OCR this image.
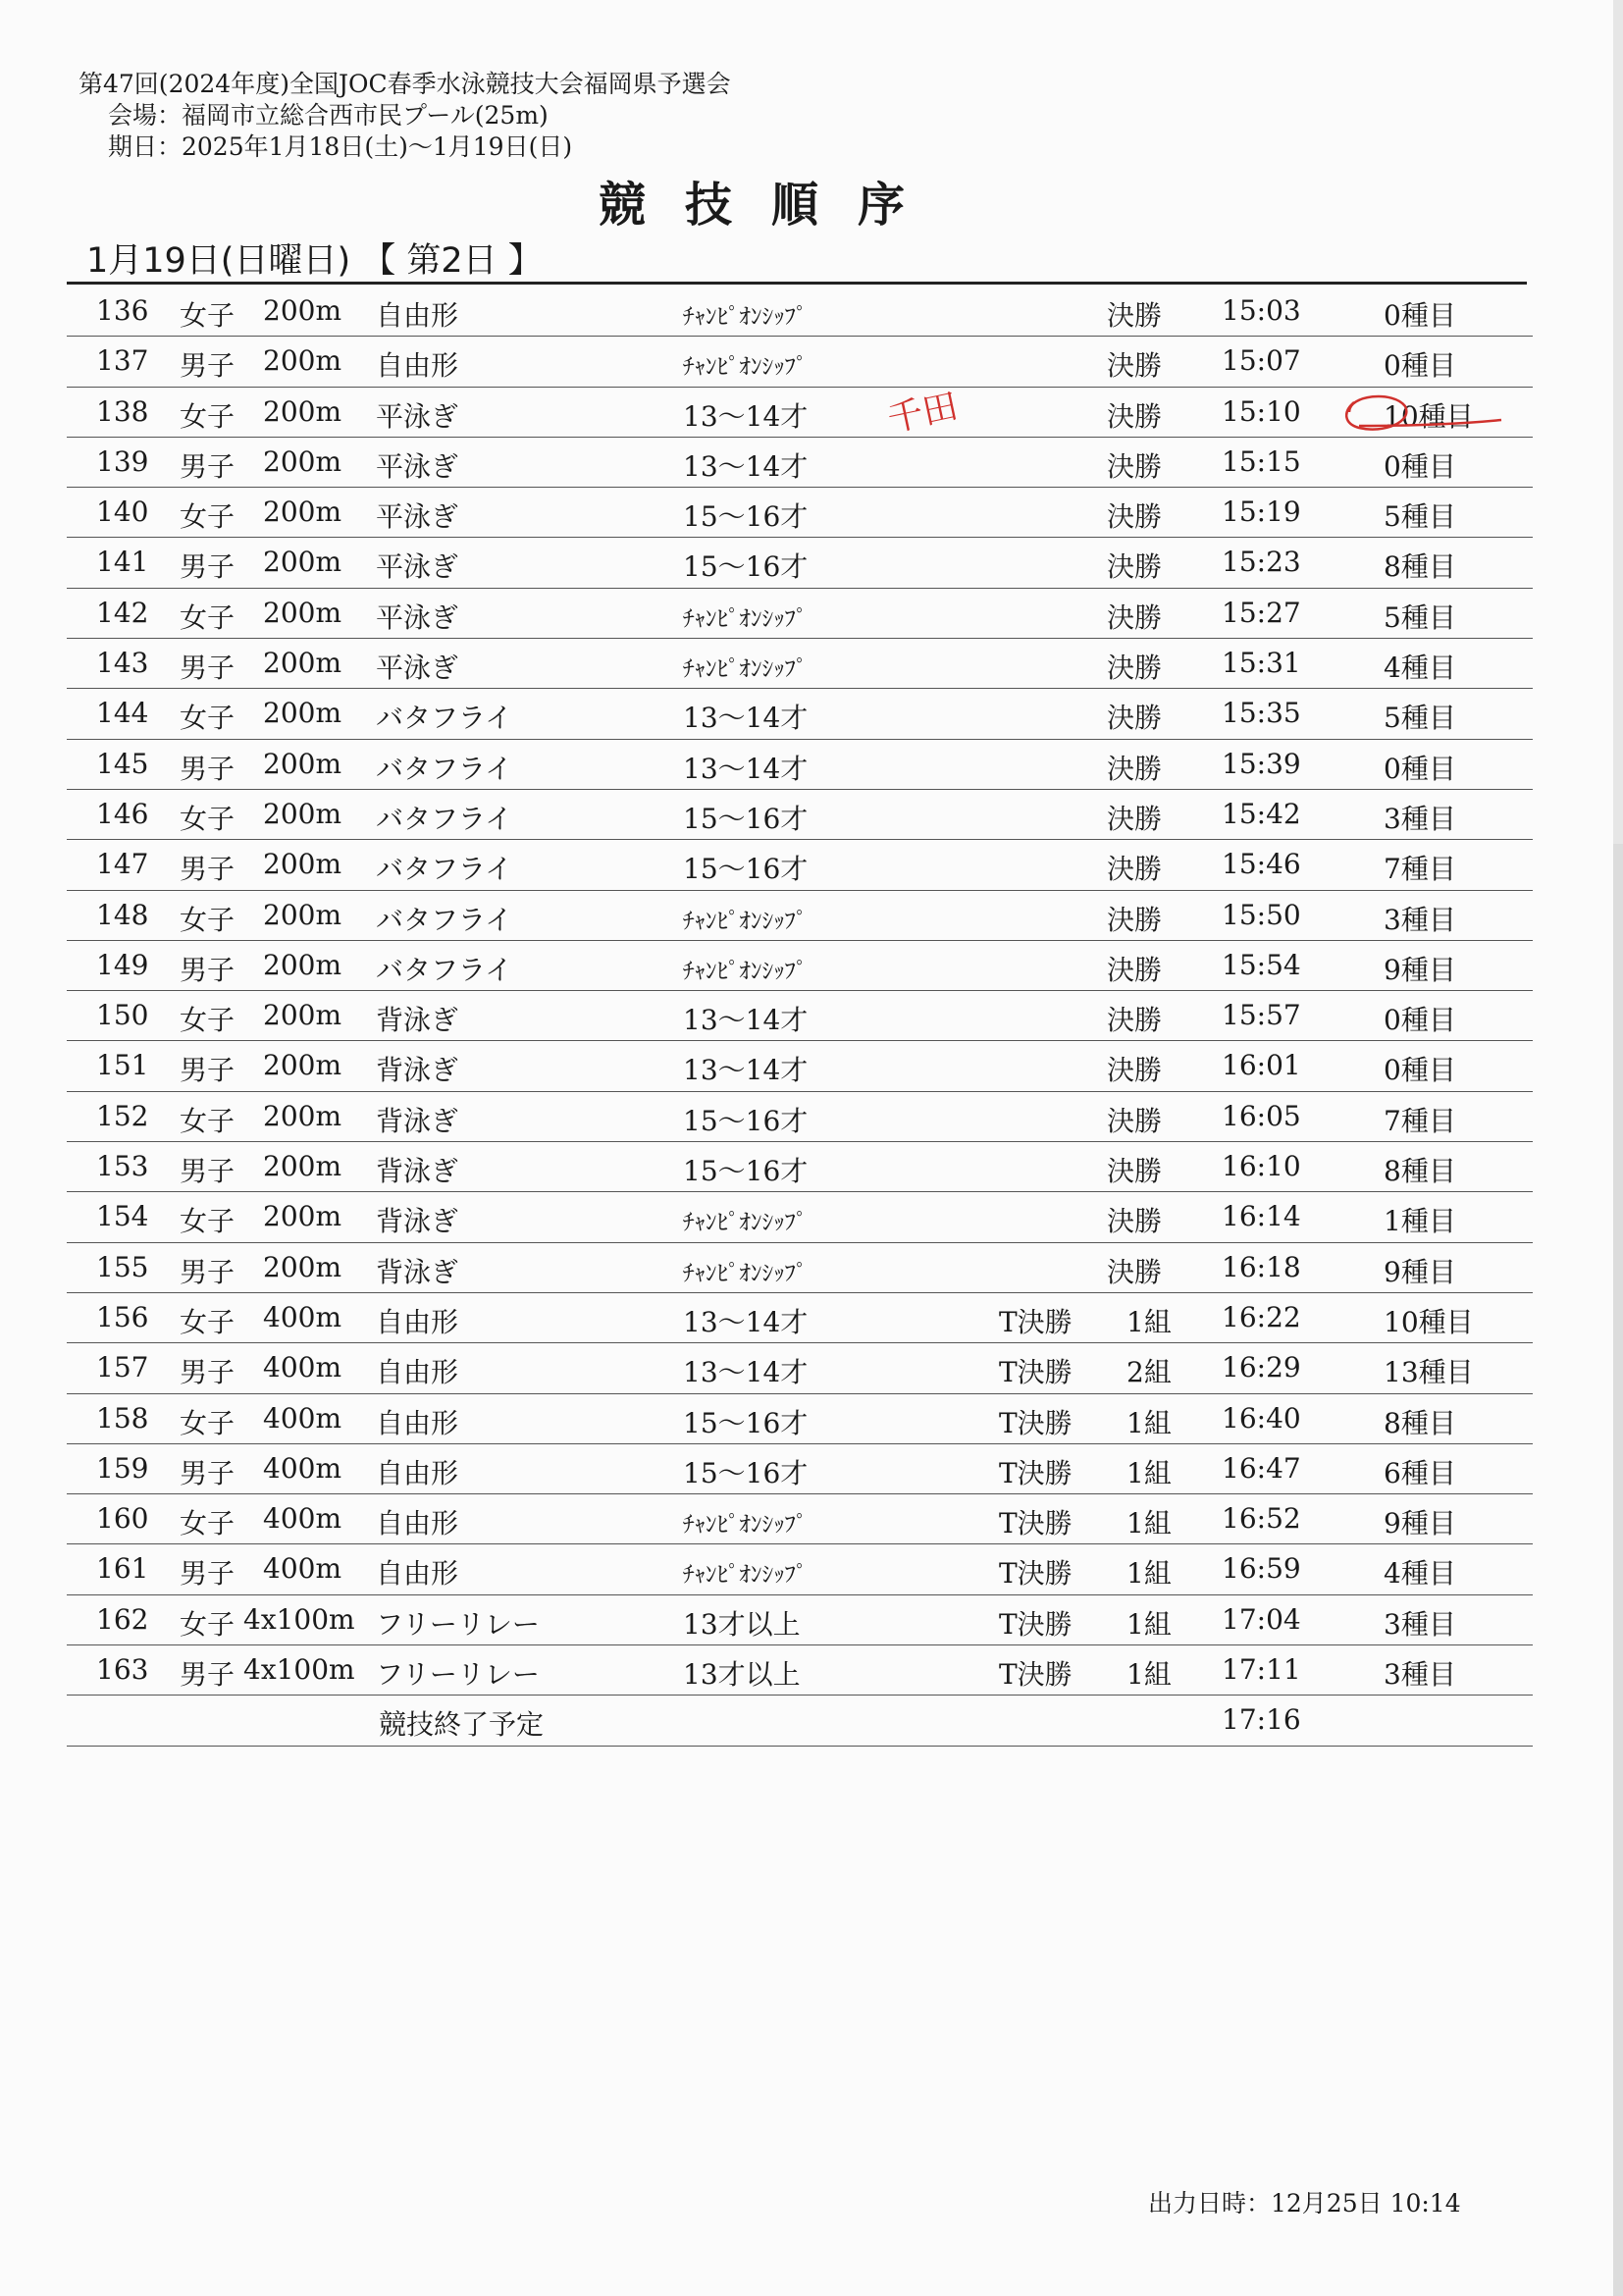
第47回(2024年度)全国JOC春季水泳競技大会福岡県予選会
会場：福岡市立総合西市民プール(25m)
期日：2025年1月18日(土)～1月19日(日)
競技順序
1月19日(日曜日) 【 第2日 】
136 女子 200m 自由形	ﾁｬﾝﾋﾟｵﾝｼｯﾌﾟ	決勝 15:03	0種目
137 男子 200m 自由形	ﾁｬﾝﾋﾟｵﾝｼｯﾌﾟ	決勝 15:07	0種目
138 女子 200m 平泳ぎ	13～14才	決勝 15:10	10種目
139 男子 200m 平泳ぎ	13～14才	決勝 15:15	0種目
140 女子 200m 平泳ぎ	15～16才	決勝 15:19	5種目
141 男子 200m 平泳ぎ	15～16才	決勝 15:23	8種目
142 女子 200m 平泳ぎ	ﾁｬﾝﾋﾟｵﾝｼｯﾌﾟ	決勝 15:27	5種目
143 男子 200m 平泳ぎ	ﾁｬﾝﾋﾟｵﾝｼｯﾌﾟ	決勝 15:31	4種目
144 女子 200m バタフライ	13～14才	決勝 15:35	5種目
145 男子 200m バタフライ	13～14才	決勝 15:39	0種目
146 女子 200m バタフライ	15～16才	決勝 15:42	3種目
147 男子 200m バタフライ	15～16才	決勝 15:46	7種目
148 女子 200m バタフライ	ﾁｬﾝﾋﾟｵﾝｼｯﾌﾟ	決勝 15:50	3種目
149 男子 200m バタフライ	ﾁｬﾝﾋﾟｵﾝｼｯﾌﾟ	決勝 15:54	9種目
150 女子 200m 背泳ぎ	13～14才	決勝 15:57	0種目
151 男子 200m 背泳ぎ	13～14才	決勝 16:01	0種目
152 女子 200m 背泳ぎ	15～16才	決勝 16:05	7種目
153 男子 200m 背泳ぎ	15～16才	決勝 16:10	8種目
154 女子 200m 背泳ぎ	ﾁｬﾝﾋﾟｵﾝｼｯﾌﾟ	決勝 16:14	1種目
155 男子 200m 背泳ぎ	ﾁｬﾝﾋﾟｵﾝｼｯﾌﾟ	決勝 16:18	9種目
156 女子 400m 自由形	13～14才	T決勝 1組 16:22	10種目
157 男子 400m 自由形	13～14才	T決勝 2組 16:29	13種目
158 女子 400m 自由形	15～16才	T決勝 1組 16:40	8種目
159 男子 400m 自由形	15～16才	T決勝 1組 16:47	6種目
160 女子 400m 自由形	ﾁｬﾝﾋﾟｵﾝｼｯﾌﾟ	T決勝 1組 16:52	9種目
161 男子 400m 自由形	ﾁｬﾝﾋﾟｵﾝｼｯﾌﾟ	T決勝 1組 16:59	4種目
162 女子 4x100m フリーリレー	13才以上	T決勝 1組 17:04	3種目
163 男子 4x100m フリーリレー	13才以上	T決勝 1組 17:11	3種目
競技終了予定	17:16
千田
出力日時：12月25日 10:14
